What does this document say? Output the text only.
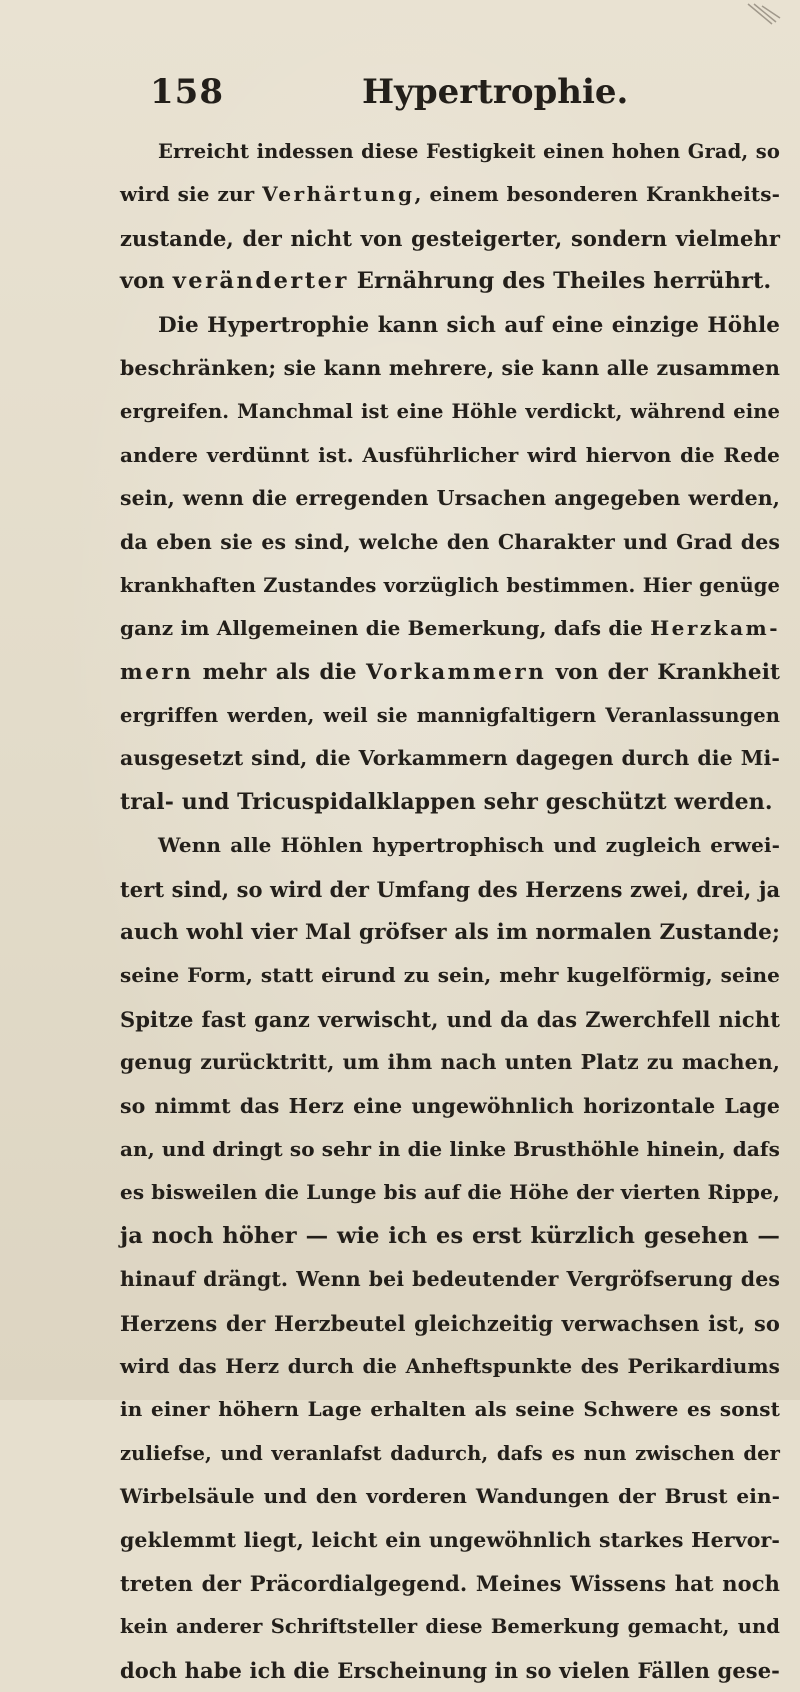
158	Hypertrophie.
Erreicht indessen diese Festigkeit einen hohen Grad, so
wird sie zur Verhärtung, einem besonderen Krankheits-
zustande, der nicht von gesteigerter, sondern vielmehr
von veränderter Ernährung des Theiles herrührt.
Die Hypertrophie kann sich auf eine einzige Höhle
beschränken; sie kann mehrere, sie kann alle zusammen
ergreifen. Manchmal ist eine Höhle verdickt, während eine
andere verdünnt ist. Ausführlicher wird hiervon die Rede
sein, wenn die erregenden Ursachen angegeben werden,
da eben sie es sind, welche den Charakter und Grad des
krankhaften Zustandes vorzüglich bestimmen. Hier genüge
ganz im Allgemeinen die Bemerkung, dafs die Herzkam-
mern mehr als die Vorkammern von der Krankheit
ergriffen werden, weil sie mannigfaltigern Veranlassungen
ausgesetzt sind, die Vorkammern dagegen durch die Mi-
tral- und Tricuspidalklappen sehr geschützt werden.
Wenn alle Höhlen hypertrophisch und zugleich erwei-
tert sind, so wird der Umfang des Herzens zwei, drei, ja
auch wohl vier Mal gröfser als im normalen Zustande;
seine Form, statt eirund zu sein, mehr kugelförmig, seine
Spitze fast ganz verwischt, und da das Zwerchfell nicht
genug zurücktritt, um ihm nach unten Platz zu machen,
so nimmt das Herz eine ungewöhnlich horizontale Lage
an, und dringt so sehr in die linke Brusthöhle hinein, dafs
es bisweilen die Lunge bis auf die Höhe der vierten Rippe,
ja noch höher — wie ich es erst kürzlich gesehen —
hinauf drängt. Wenn bei bedeutender Vergröfserung des
Herzens der Herzbeutel gleichzeitig verwachsen ist, so
wird das Herz durch die Anheftspunkte des Perikardiums
in einer höhern Lage erhalten als seine Schwere es sonst
zuliefse, und veranlafst dadurch, dafs es nun zwischen der
Wirbelsäule und den vorderen Wandungen der Brust ein-
geklemmt liegt, leicht ein ungewöhnlich starkes Hervor-
treten der Präcordialgegend. Meines Wissens hat noch
kein anderer Schriftsteller diese Bemerkung gemacht, und
doch habe ich die Erscheinung in so vielen Fällen gese-
